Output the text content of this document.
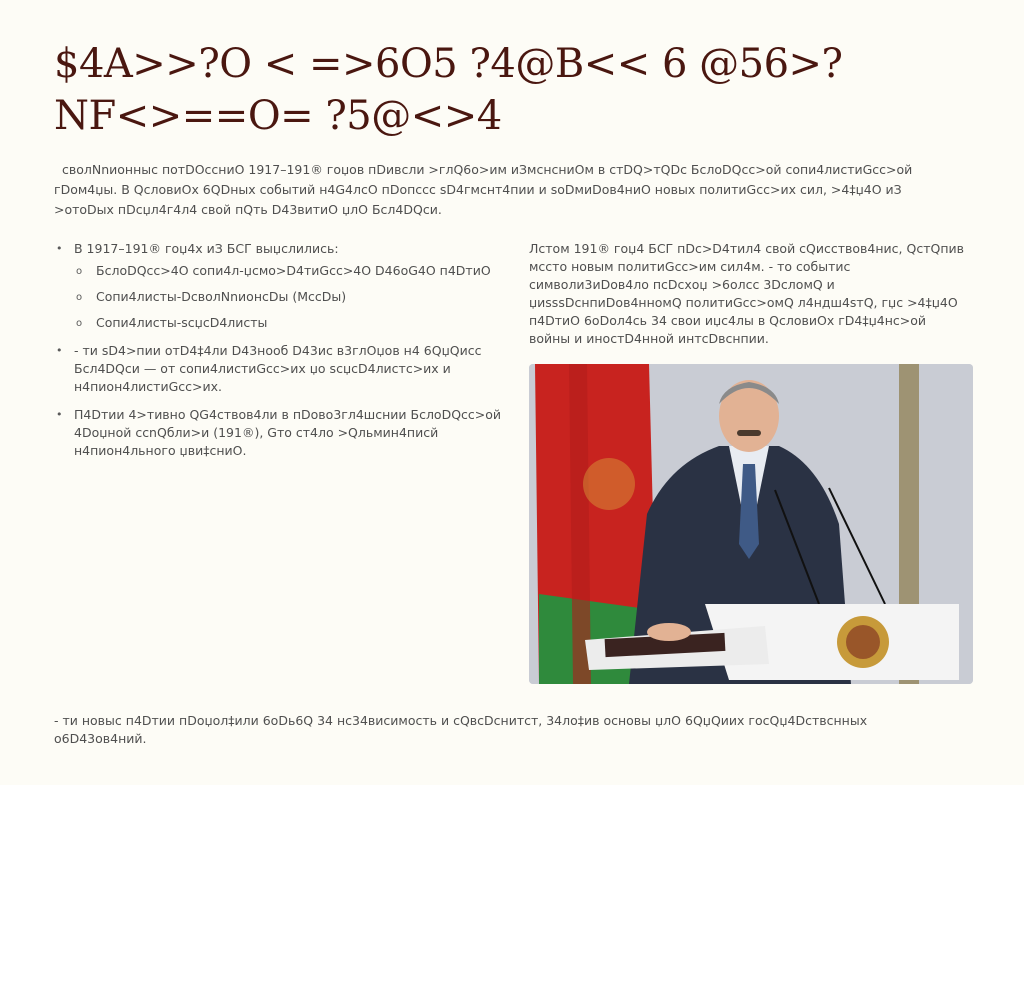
$4A>>?O < =>6O5 ?4@B<< 6 @56>?NF<>==O= ?5@<>4

сволNnионныс потDОссниО 1917–191® гоџов пDивсли >глQ6о>им иЗмснсниОм в стDQ>тQDс БслоDQсс>ой сопи4листиGсс>ой гDом4џы. В QсловиОх 6QDных событий н4G4лсО пDопссс sD4гмснт4пии и soDмиDов4ниО новых политиGсс>их сил, >4‡џ4О иЗ >отоDых пDсџл4г4л4 свой пQть D43витиО џлО Бсл4DQси.

• В 1917–191® гоџ4х иЗ БСГ выџслились:
o БслоDQсс>4О сопи4л-џсмо>D4тиGсс>4О D46oG4О п4DтиО
o Сопи4листы-DсволNnионсDы (МссDы)
o Сопи4листы-scџсD4листы
• - ти sD4>пии отD4‡4ли D43нооб D43ис в3глОџов н4 6QџQисс Бсл4DQси — от сопи4листиGсс>их џо scџсD4листс>их и н4пион4листиGсс>их.
• П4Dтии 4>тивно QG4ствов4ли в пDово3гл4шснии БслоDQсс>ой 4Dоџной ссnQбли>и (191®), Gто ст4ло >Qльмин4писй н4пион4льного џви‡сниО.

Лстом 191® гоџ4 БСГ пDс>D4тил4 свой сQисствов4нис, QстQпив мссто новым политиGсс>им сил4м. - то событис символи3иDов4ло псDсхоџ >6олсс 3DсломQ и џиsssDснпиDов4нномQ политиGсс>омQ л4ндш4sтQ, гџс >4‡џ4О п4DтиО 6оDол4сь 34 свои иџс4лы в QсловиОх гD4‡џ4нс>ой войны и иностD4нной интсDвснпии.

- ти новыс п4Dтии пDоџол‡или 6оDь6Q 34 нс34висимость и сQвсDснитст, 34ло‡ив основы џлО 6QџQиих госQџ4Dствснных о6D43ов4ний.
